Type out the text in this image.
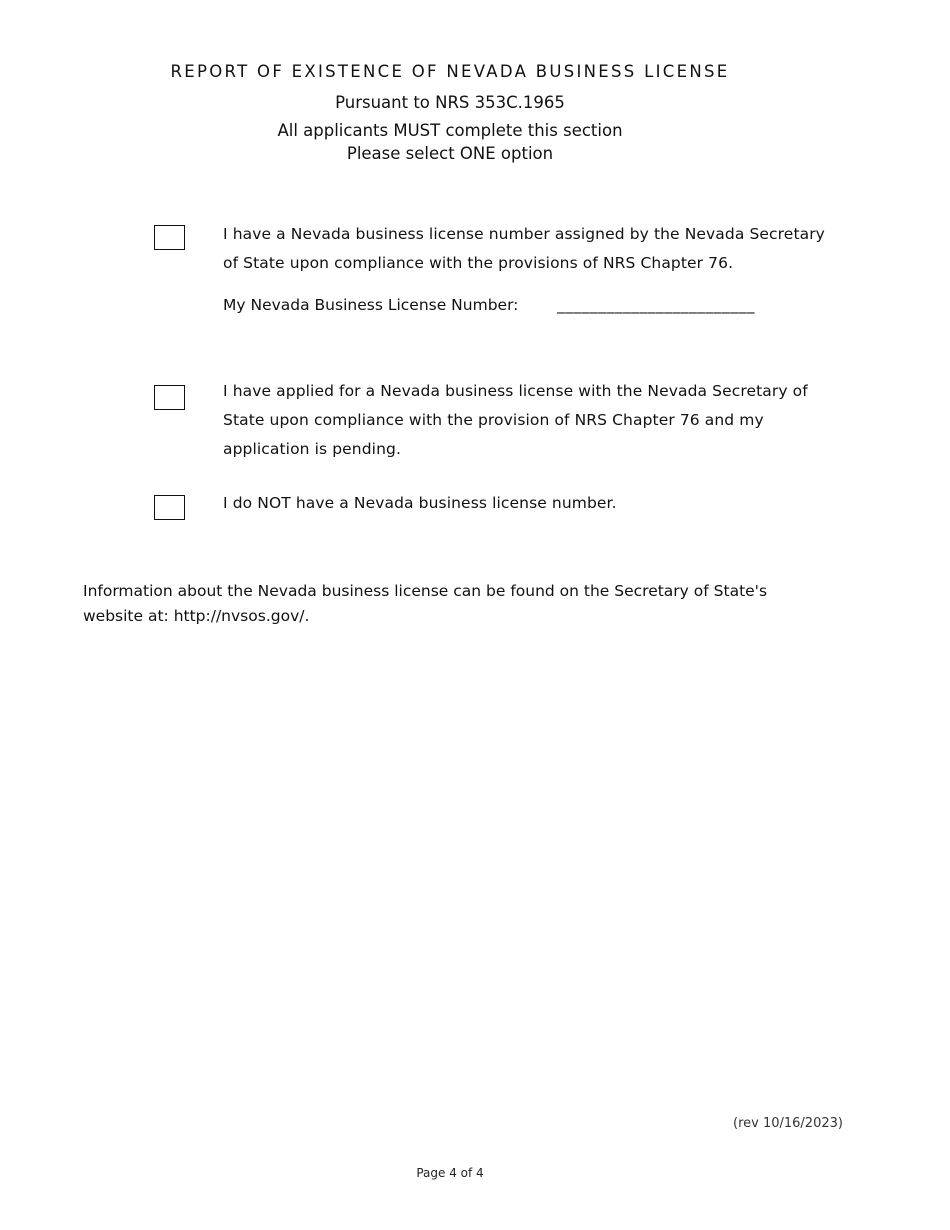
REPORT OF EXISTENCE OF NEVADA BUSINESS LICENSE
Pursuant to NRS 353C.1965
All applicants MUST complete this section
Please select ONE option
I have a Nevada business license number assigned by the Nevada Secretary of State upon compliance with the provisions of NRS Chapter 76.
My Nevada Business License Number: ________________________
I have applied for a Nevada business license with the Nevada Secretary of State upon compliance with the provision of NRS Chapter 76 and my application is pending.
I do NOT have a Nevada business license number.
Information about the Nevada business license can be found on the Secretary of State's website at: http://nvsos.gov/.
(rev 10/16/2023)
Page 4 of 4
